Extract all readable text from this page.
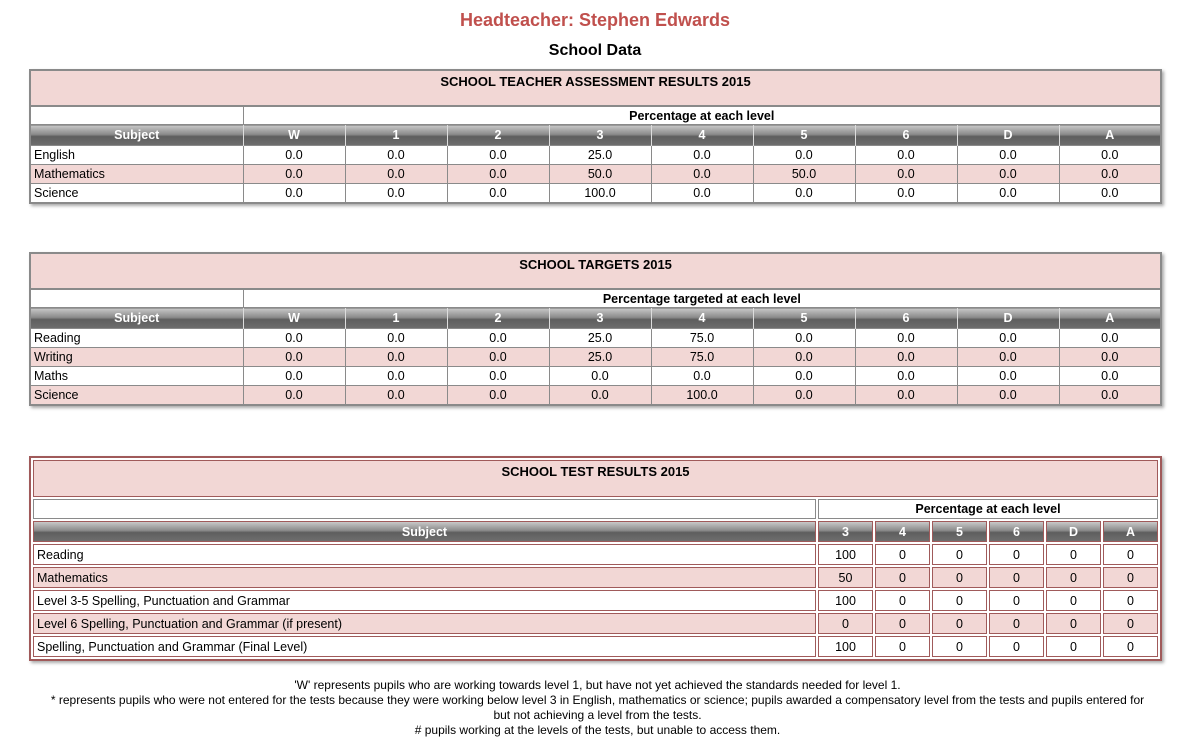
Headteacher: Stephen Edwards
School Data
SCHOOL TEACHER ASSESSMENT RESULTS 2015									
	Percentage at each level								
Subject	W	1	2	3	4	5	6	D	A
English	0.0	0.0	0.0	25.0	0.0	0.0	0.0	0.0	0.0
Mathematics	0.0	0.0	0.0	50.0	0.0	50.0	0.0	0.0	0.0
Science	0.0	0.0	0.0	100.0	0.0	0.0	0.0	0.0	0.0
SCHOOL TARGETS 2015									
	Percentage targeted at each level								
Subject	W	1	2	3	4	5	6	D	A
Reading	0.0	0.0	0.0	25.0	75.0	0.0	0.0	0.0	0.0
Writing	0.0	0.0	0.0	25.0	75.0	0.0	0.0	0.0	0.0
Maths	0.0	0.0	0.0	0.0	0.0	0.0	0.0	0.0	0.0
Science	0.0	0.0	0.0	0.0	100.0	0.0	0.0	0.0	0.0
SCHOOL TEST RESULTS 2015						
	Percentage at each level					
Subject	3	4	5	6	D	A
Reading	100	0	0	0	0	0
Mathematics	50	0	0	0	0	0
Level 3-5 Spelling, Punctuation and Grammar	100	0	0	0	0	0
Level 6 Spelling, Punctuation and Grammar (if present)	0	0	0	0	0	0
Spelling, Punctuation and Grammar (Final Level)	100	0	0	0	0	0
'W' represents pupils who are working towards level 1, but have not yet achieved the standards needed for level 1.
* represents pupils who were not entered for the tests because they were working below level 3 in English, mathematics or science; pupils awarded a compensatory level from the tests and pupils entered for
but not achieving a level from the tests.
# pupils working at the levels of the tests, but unable to access them.
